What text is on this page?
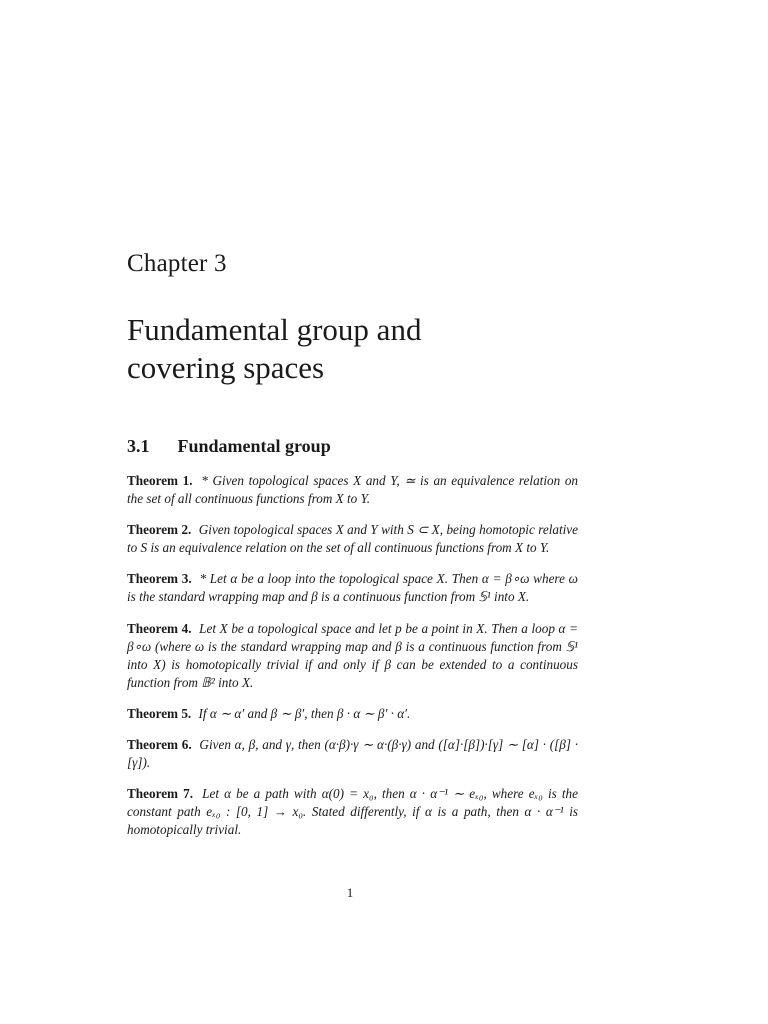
Chapter 3
Fundamental group and
covering spaces
3.1 Fundamental group

Theorem 1. * Given topological spaces X and Y, ≃ is an equivalence relation on the set of all continuous functions from X to Y.

Theorem 2. Given topological spaces X and Y with S ⊂ X, being homotopic relative to S is an equivalence relation on the set of all continuous functions from X to Y.

Theorem 3. * Let α be a loop into the topological space X. Then α = β∘ω where ω is the standard wrapping map and β is a continuous function from 𝕊¹ into X.

Theorem 4. Let X be a topological space and let p be a point in X. Then a loop α = β∘ω (where ω is the standard wrapping map and β is a continuous function from 𝕊¹ into X) is homotopically trivial if and only if β can be extended to a continuous function from 𝔹² into X.

Theorem 5. If α ∼ α′ and β ∼ β′, then β · α ∼ β′ · α′.

Theorem 6. Given α, β, and γ, then (α·β)·γ ∼ α·(β·γ) and ([α]·[β])·[γ] ∼ [α] · ([β] · [γ]).

Theorem 7. Let α be a path with α(0) = x₀, then α · α⁻¹ ∼ eₓ₀, where eₓ₀ is the constant path eₓ₀ : [0, 1] → x₀. Stated differently, if α is a path, then α · α⁻¹ is homotopically trivial.

1
